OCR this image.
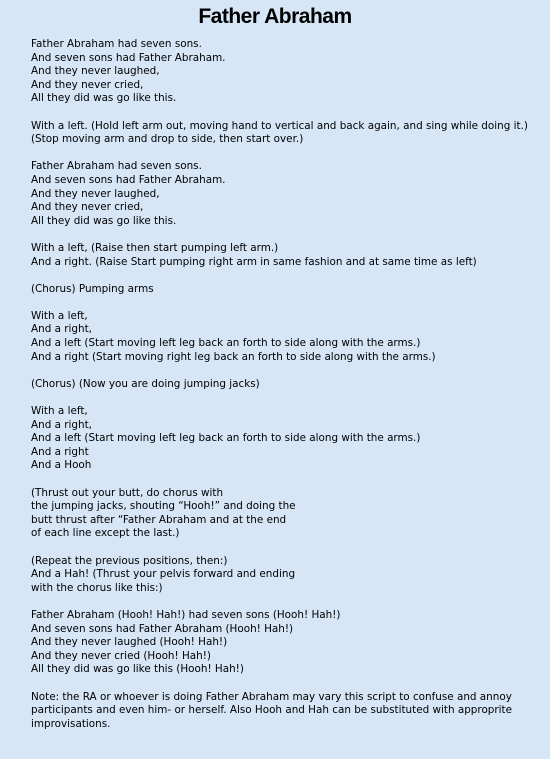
Father Abraham
Father Abraham had seven sons.
And seven sons had Father Abraham.
And they never laughed,
And they never cried,
All they did was go like this.
With a left. (Hold left arm out, moving hand to vertical and back again, and sing while doing it.) (Stop moving arm and drop to side, then start over.)
Father Abraham had seven sons.
And seven sons had Father Abraham.
And they never laughed,
And they never cried,
All they did was go like this.
With a left, (Raise then start pumping left arm.)
And a right. (Raise Start pumping right arm in same fashion and at same time as left)
(Chorus) Pumping arms
With a left,
And a right,
And a left (Start moving left leg back an forth to side along with the arms.)
And a right (Start moving right leg back an forth to side along with the arms.)
(Chorus) (Now you are doing jumping jacks)
With a left,
And a right,
And a left (Start moving left leg back an forth to side along with the arms.)
And a right
And a Hooh
(Thrust out your butt, do chorus with
the jumping jacks, shouting “Hooh!” and doing the
butt thrust after “Father Abraham and at the end
of each line except the last.)
(Repeat the previous positions, then:)
And a Hah! (Thrust your pelvis forward and ending
with the chorus like this:)
Father Abraham (Hooh! Hah!) had seven sons (Hooh! Hah!)
And seven sons had Father Abraham (Hooh! Hah!)
And they never laughed (Hooh! Hah!)
And they never cried (Hooh! Hah!)
All they did was go like this (Hooh! Hah!)
Note: the RA or whoever is doing Father Abraham may vary this script to confuse and annoy participants and even him- or herself. Also Hooh and Hah can be substituted with approprite improvisations.
